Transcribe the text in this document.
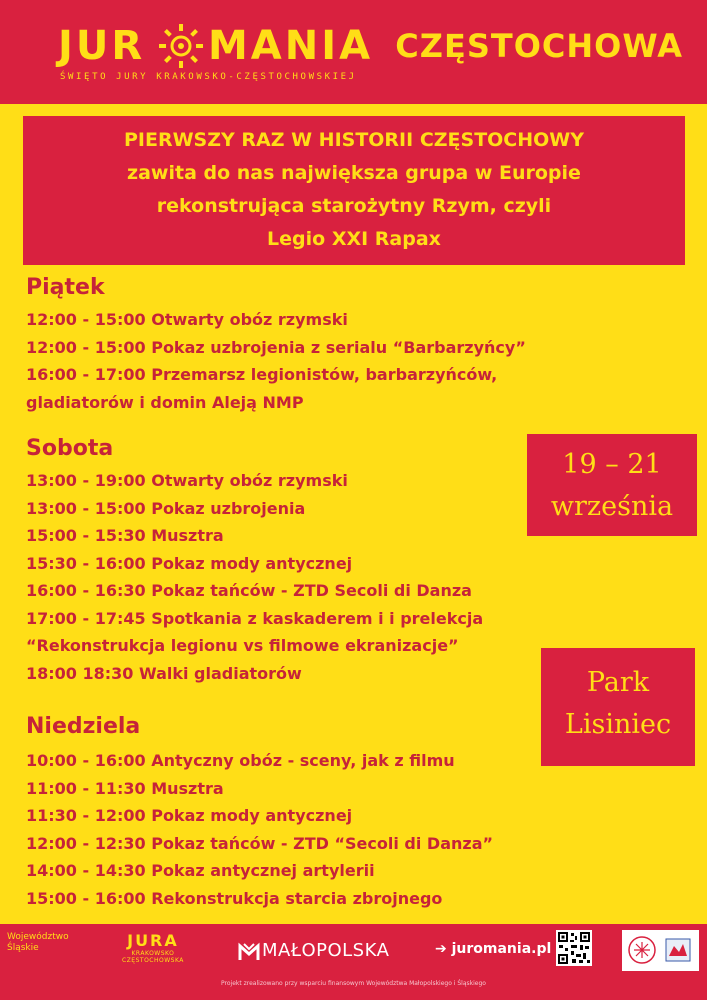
JUR MANIA
ŚWIĘTO JURY KRAKOWSKO-CZĘSTOCHOWSKIEJ
CZĘSTOCHOWA
PIERWSZY RAZ W HISTORII CZĘSTOCHOWY
zawita do nas największa grupa w Europie
rekonstrująca starożytny Rzym, czyli
Legio XXI Rapax
Piątek
12:00 - 15:00 Otwarty obóz rzymski
12:00 - 15:00 Pokaz uzbrojenia z serialu “Barbarzyńcy”
16:00 - 17:00 Przemarsz legionistów, barbarzyńców,
gladiatorów i domin Aleją NMP
Sobota
13:00 - 19:00 Otwarty obóz rzymski
13:00 - 15:00 Pokaz uzbrojenia
15:00 - 15:30 Musztra
15:30 - 16:00 Pokaz mody antycznej
16:00 - 16:30 Pokaz tańców - ZTD Secoli di Danza
17:00 - 17:45 Spotkania z kaskaderem i i prelekcja
“Rekonstrukcja legionu vs filmowe ekranizacje”
18:00 18:30 Walki gladiatorów
Niedziela
10:00 - 16:00 Antyczny obóz - sceny, jak z filmu
11:00 - 11:30 Musztra
11:30 - 12:00 Pokaz mody antycznej
12:00 - 12:30 Pokaz tańców - ZTD “Secoli di Danza”
14:00 - 14:30 Pokaz antycznej artylerii
15:00 - 16:00 Rekonstrukcja starcia zbrojnego
19 – 21
września
Park
Lisiniec
Województwo
Śląskie	JURA
KRAKOWSKO
CZĘSTOCHOWSKA	MAŁOPOLSKA	➔ juromania.pl
Projekt zrealizowano przy wsparciu finansowym Województwa Małopolskiego i Śląskiego
